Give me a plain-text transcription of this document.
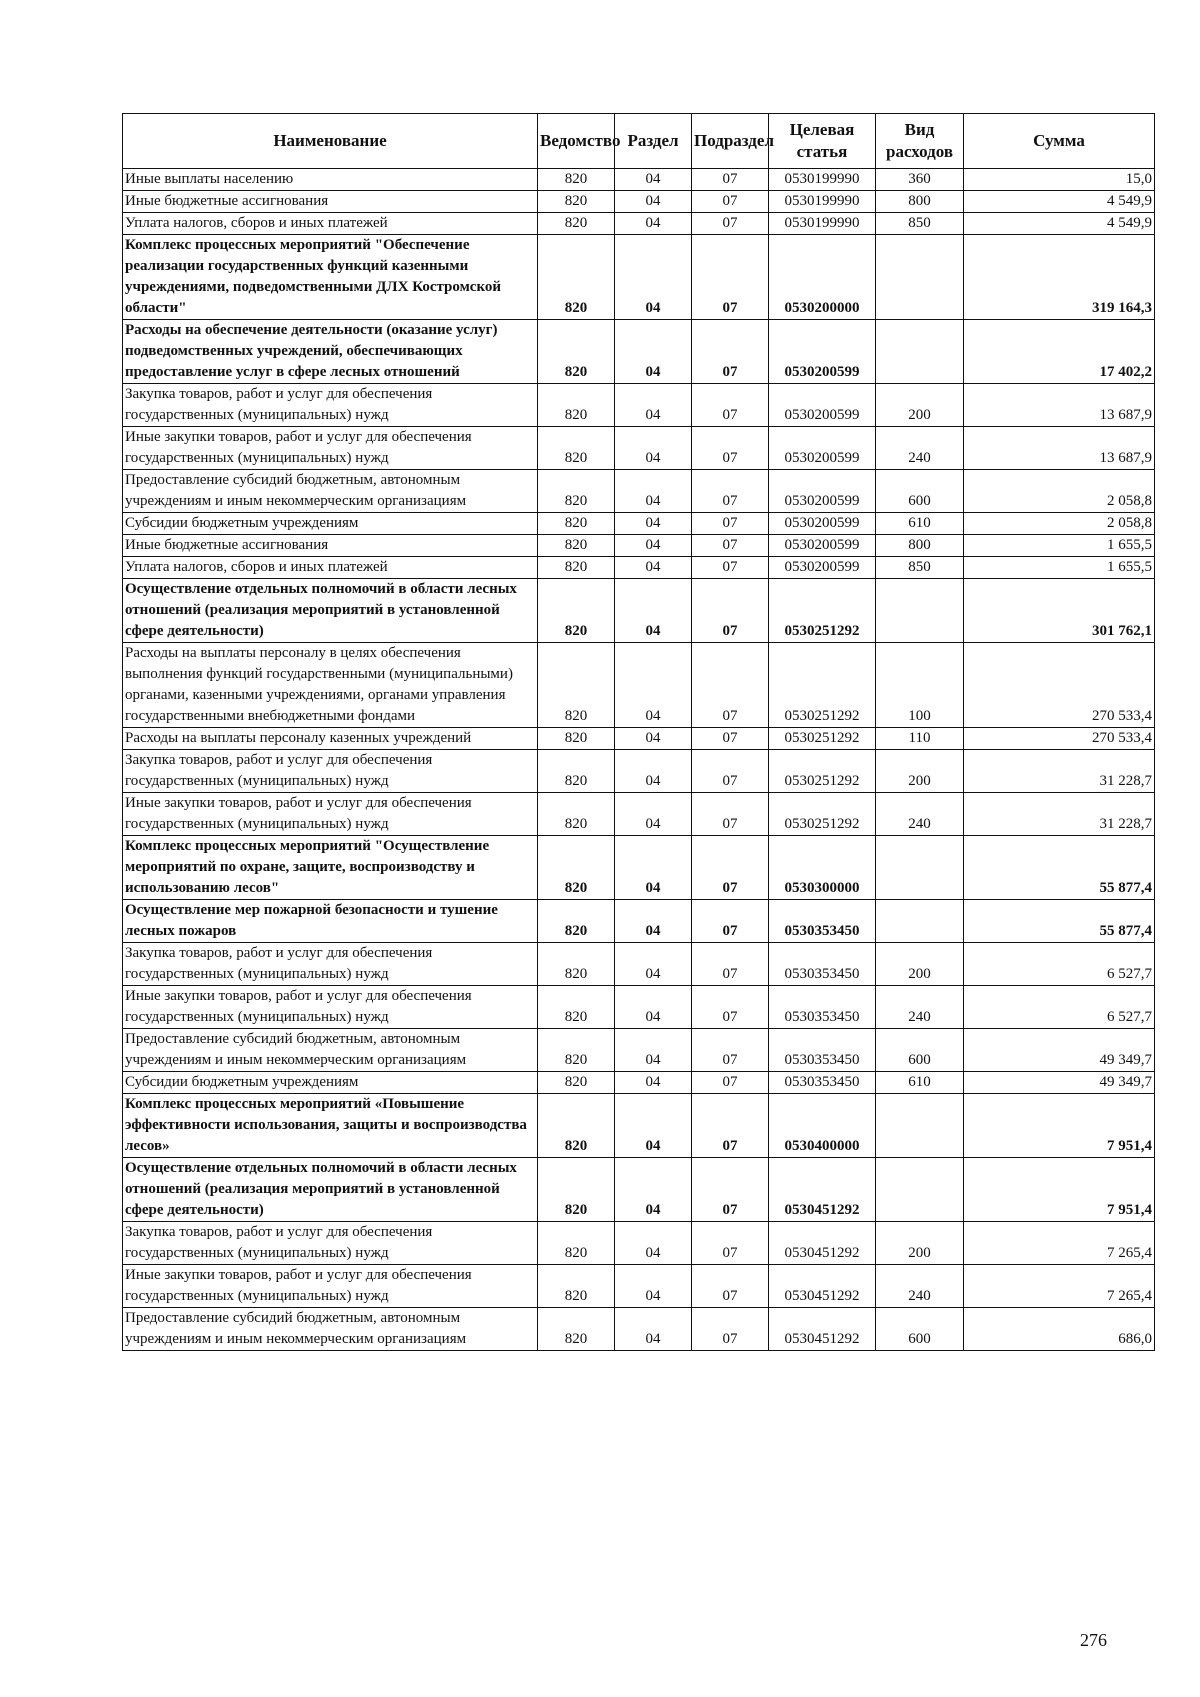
Наименование	Ведомство	Раздел	Подраздел	Целевая статья	Вид расходов	Сумма
Иные выплаты населению	820	04	07	0530199990	360	15,0
Иные бюджетные ассигнования	820	04	07	0530199990	800	4 549,9
Уплата налогов, сборов и иных платежей	820	04	07	0530199990	850	4 549,9
Комплекс процессных мероприятий "Обеспечение реализации государственных функций казенными учреждениями, подведомственными ДЛХ Костромской области"	820	04	07	0530200000		319 164,3
Расходы на обеспечение деятельности (оказание услуг) подведомственных учреждений, обеспечивающих предоставление услуг в сфере лесных отношений	820	04	07	0530200599		17 402,2
Закупка товаров, работ и услуг для обеспечения государственных (муниципальных) нужд	820	04	07	0530200599	200	13 687,9
Иные закупки товаров, работ и услуг для обеспечения государственных (муниципальных) нужд	820	04	07	0530200599	240	13 687,9
Предоставление субсидий бюджетным, автономным учреждениям и иным некоммерческим организациям	820	04	07	0530200599	600	2 058,8
Субсидии бюджетным учреждениям	820	04	07	0530200599	610	2 058,8
Иные бюджетные ассигнования	820	04	07	0530200599	800	1 655,5
Уплата налогов, сборов и иных платежей	820	04	07	0530200599	850	1 655,5
Осуществление отдельных полномочий в области лесных отношений (реализация мероприятий в установленной сфере деятельности)	820	04	07	0530251292		301 762,1
Расходы на выплаты персоналу в целях обеспечения выполнения функций государственными (муниципальными) органами, казенными учреждениями, органами управления государственными внебюджетными фондами	820	04	07	0530251292	100	270 533,4
Расходы на выплаты персоналу казенных учреждений	820	04	07	0530251292	110	270 533,4
Закупка товаров, работ и услуг для обеспечения государственных (муниципальных) нужд	820	04	07	0530251292	200	31 228,7
Иные закупки товаров, работ и услуг для обеспечения государственных (муниципальных) нужд	820	04	07	0530251292	240	31 228,7
Комплекс процессных мероприятий "Осуществление мероприятий по охране, защите, воспроизводству и использованию лесов"	820	04	07	0530300000		55 877,4
Осуществление мер пожарной безопасности и тушение лесных пожаров	820	04	07	0530353450		55 877,4
Закупка товаров, работ и услуг для обеспечения государственных (муниципальных) нужд	820	04	07	0530353450	200	6 527,7
Иные закупки товаров, работ и услуг для обеспечения государственных (муниципальных) нужд	820	04	07	0530353450	240	6 527,7
Предоставление субсидий бюджетным, автономным учреждениям и иным некоммерческим организациям	820	04	07	0530353450	600	49 349,7
Субсидии бюджетным учреждениям	820	04	07	0530353450	610	49 349,7
Комплекс процессных мероприятий «Повышение эффективности использования, защиты и воспроизводства лесов»	820	04	07	0530400000		7 951,4
Осуществление отдельных полномочий в области лесных отношений (реализация мероприятий в установленной сфере деятельности)	820	04	07	0530451292		7 951,4
Закупка товаров, работ и услуг для обеспечения государственных (муниципальных) нужд	820	04	07	0530451292	200	7 265,4
Иные закупки товаров, работ и услуг для обеспечения государственных (муниципальных) нужд	820	04	07	0530451292	240	7 265,4
Предоставление субсидий бюджетным, автономным учреждениям и иным некоммерческим организациям	820	04	07	0530451292	600	686,0
276
